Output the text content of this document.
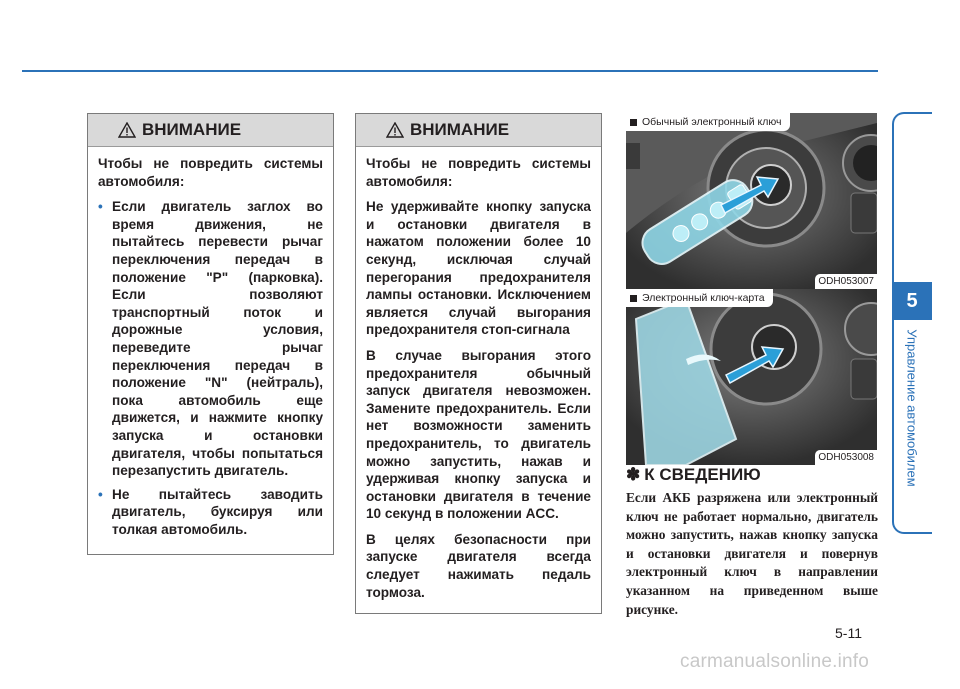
ВНИМАНИЕ

Чтобы не повредить системы автомобиля:

• Если двигатель заглох во время движения, не пытайтесь перевести рычаг переключения передач в положение "P" (парковка). Если позволяют транспортный поток и дорожные условия, переведите рычаг переключения передач в положение "N" (нейтраль), пока автомобиль еще движется, и нажмите кнопку запуска и остановки двигателя, чтобы попытаться перезапустить двигатель.
• Не пытайтесь заводить двигатель, буксируя или толкая автомобиль.
ВНИМАНИЕ

Чтобы не повредить системы автомобиля:

Не удерживайте кнопку запуска и остановки двигателя в нажатом положении более 10 секунд, исключая случай перегорания предохранителя лампы остановки. Исключением является случай выгорания предохранителя стоп-сигнала

В случае выгорания этого предохранителя обычный запуск двигателя невозможен. Замените предохранитель. Если нет возможности заменить предохранитель, то двигатель можно запустить, нажав и удерживая кнопку запуска и остановки двигателя в течение 10 секунд в положении ACC.

В целях безопасности при запуске двигателя всегда следует нажимать педаль тормоза.

Обычный электронный ключ
ODH053007
Электронный ключ-карта
ODH053008
✽ К СВЕДЕНИЮ
Если АКБ разряжена или электронный ключ не работает нормально, двигатель можно запустить, нажав кнопку запуска и остановки двигателя и повернув электронный ключ в направлении указанном на приведенном выше рисунке.
5
Управление автомобилем
5-11
carmanualsonline.info
